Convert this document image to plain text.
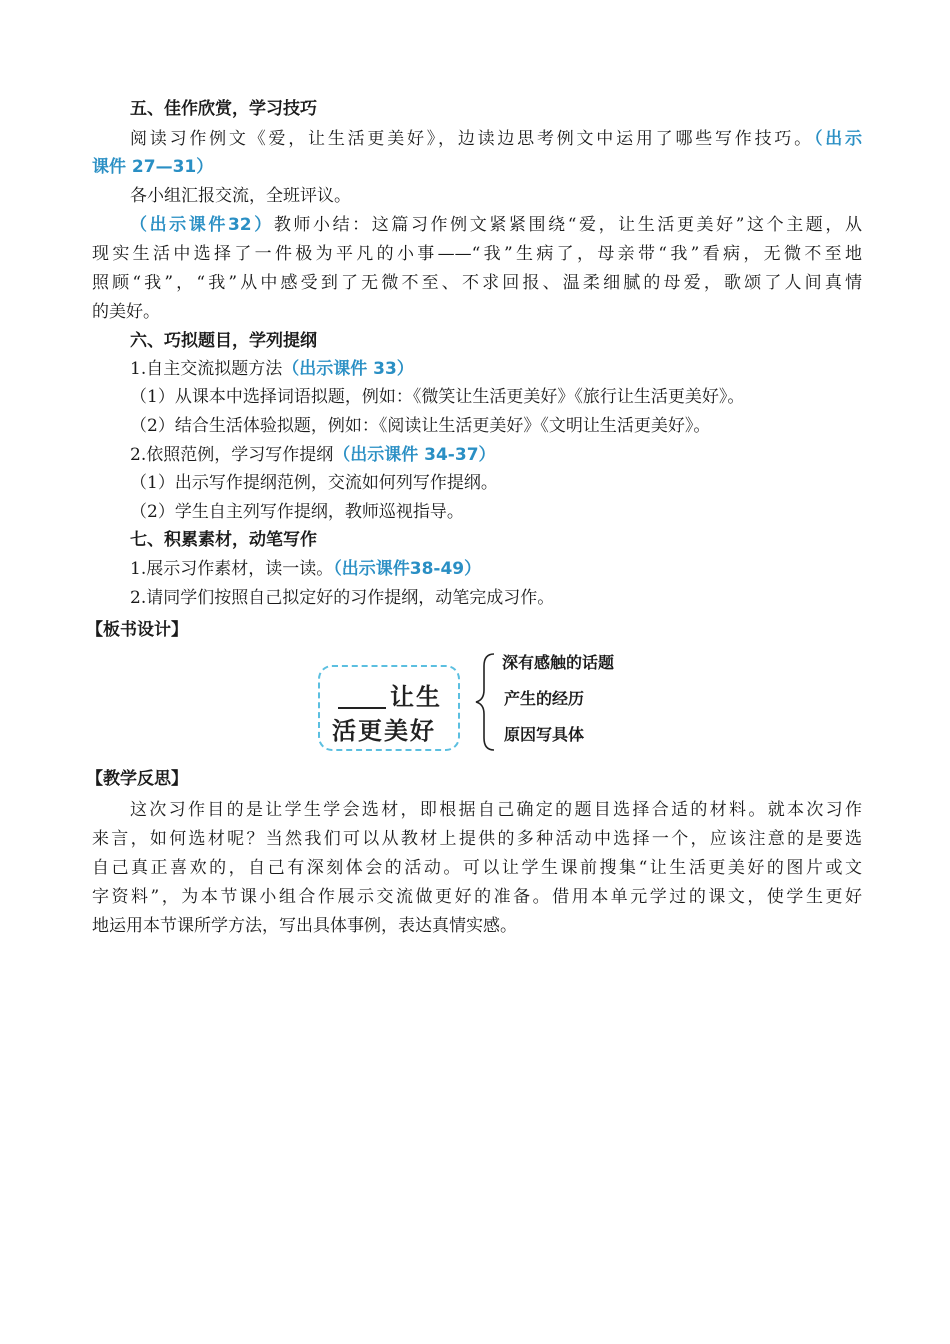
五、佳作欣赏，学习技巧
阅读习作例文《爱，让生活更美好》，边读边思考例文中运用了哪些写作技巧。（出示
课件 27—31）
各小组汇报交流，全班评议。
（出示课件32）教师小结：这篇习作例文紧紧围绕“爱，让生活更美好”这个主题，从
现实生活中选择了一件极为平凡的小事——“我”生病了，母亲带“我”看病，无微不至地
照顾“我”，“我”从中感受到了无微不至、不求回报、温柔细腻的母爱，歌颂了人间真情
的美好。
六、巧拟题目，学列提纲
1.自主交流拟题方法（出示课件 33）
（1）从课本中选择词语拟题，例如：《微笑让生活更美好》《旅行让生活更美好》。
（2）结合生活体验拟题，例如：《阅读让生活更美好》《文明让生活更美好》。
2.依照范例，学习写作提纲（出示课件 34-37）
（1）出示写作提纲范例，交流如何列写作提纲。
（2）学生自主列写作提纲，教师巡视指导。
七、积累素材，动笔写作
1.展示习作素材，读一读。（出示课件38-49）
2.请同学们按照自己拟定好的习作提纲，动笔完成习作。
【板书设计】
让生
活更美好
深有感触的话题
产生的经历
原因写具体
【教学反思】
这次习作目的是让学生学会选材，即根据自己确定的题目选择合适的材料。就本次习作
来言，如何选材呢？当然我们可以从教材上提供的多种活动中选择一个，应该注意的是要选
自己真正喜欢的，自己有深刻体会的活动。可以让学生课前搜集“让生活更美好的图片或文
字资料”，为本节课小组合作展示交流做更好的准备。借用本单元学过的课文，使学生更好
地运用本节课所学方法，写出具体事例，表达真情实感。
